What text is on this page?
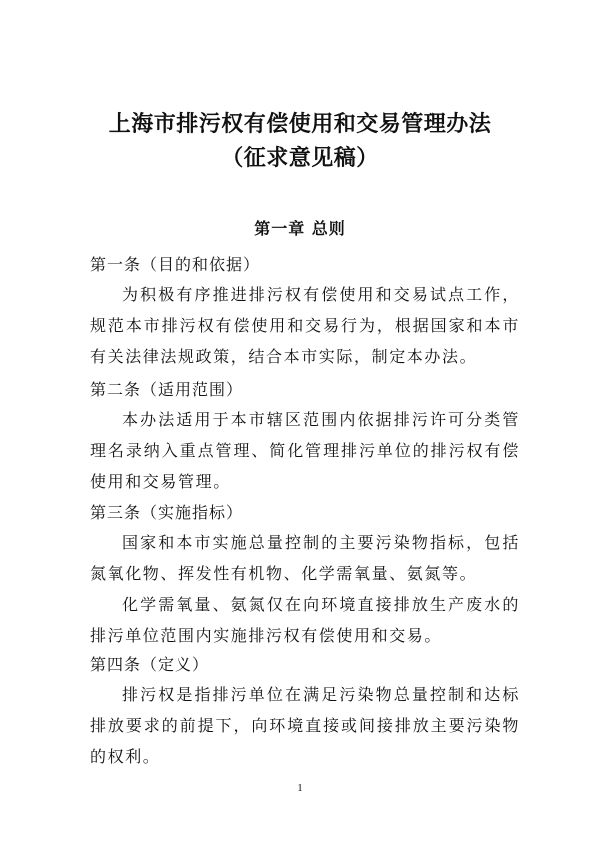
上海市排污权有偿使用和交易管理办法
（征求意见稿）
第一章 总则
第一条（目的和依据）
为积极有序推进排污权有偿使用和交易试点工作，规范本市排污权有偿使用和交易行为，根据国家和本市有关法律法规政策，结合本市实际，制定本办法。
第二条（适用范围）
本办法适用于本市辖区范围内依据排污许可分类管理名录纳入重点管理、简化管理排污单位的排污权有偿使用和交易管理。
第三条（实施指标）
国家和本市实施总量控制的主要污染物指标，包括氮氧化物、挥发性有机物、化学需氧量、氨氮等。
化学需氧量、氨氮仅在向环境直接排放生产废水的排污单位范围内实施排污权有偿使用和交易。
第四条（定义）
排污权是指排污单位在满足污染物总量控制和达标排放要求的前提下，向环境直接或间接排放主要污染物的权利。
1
